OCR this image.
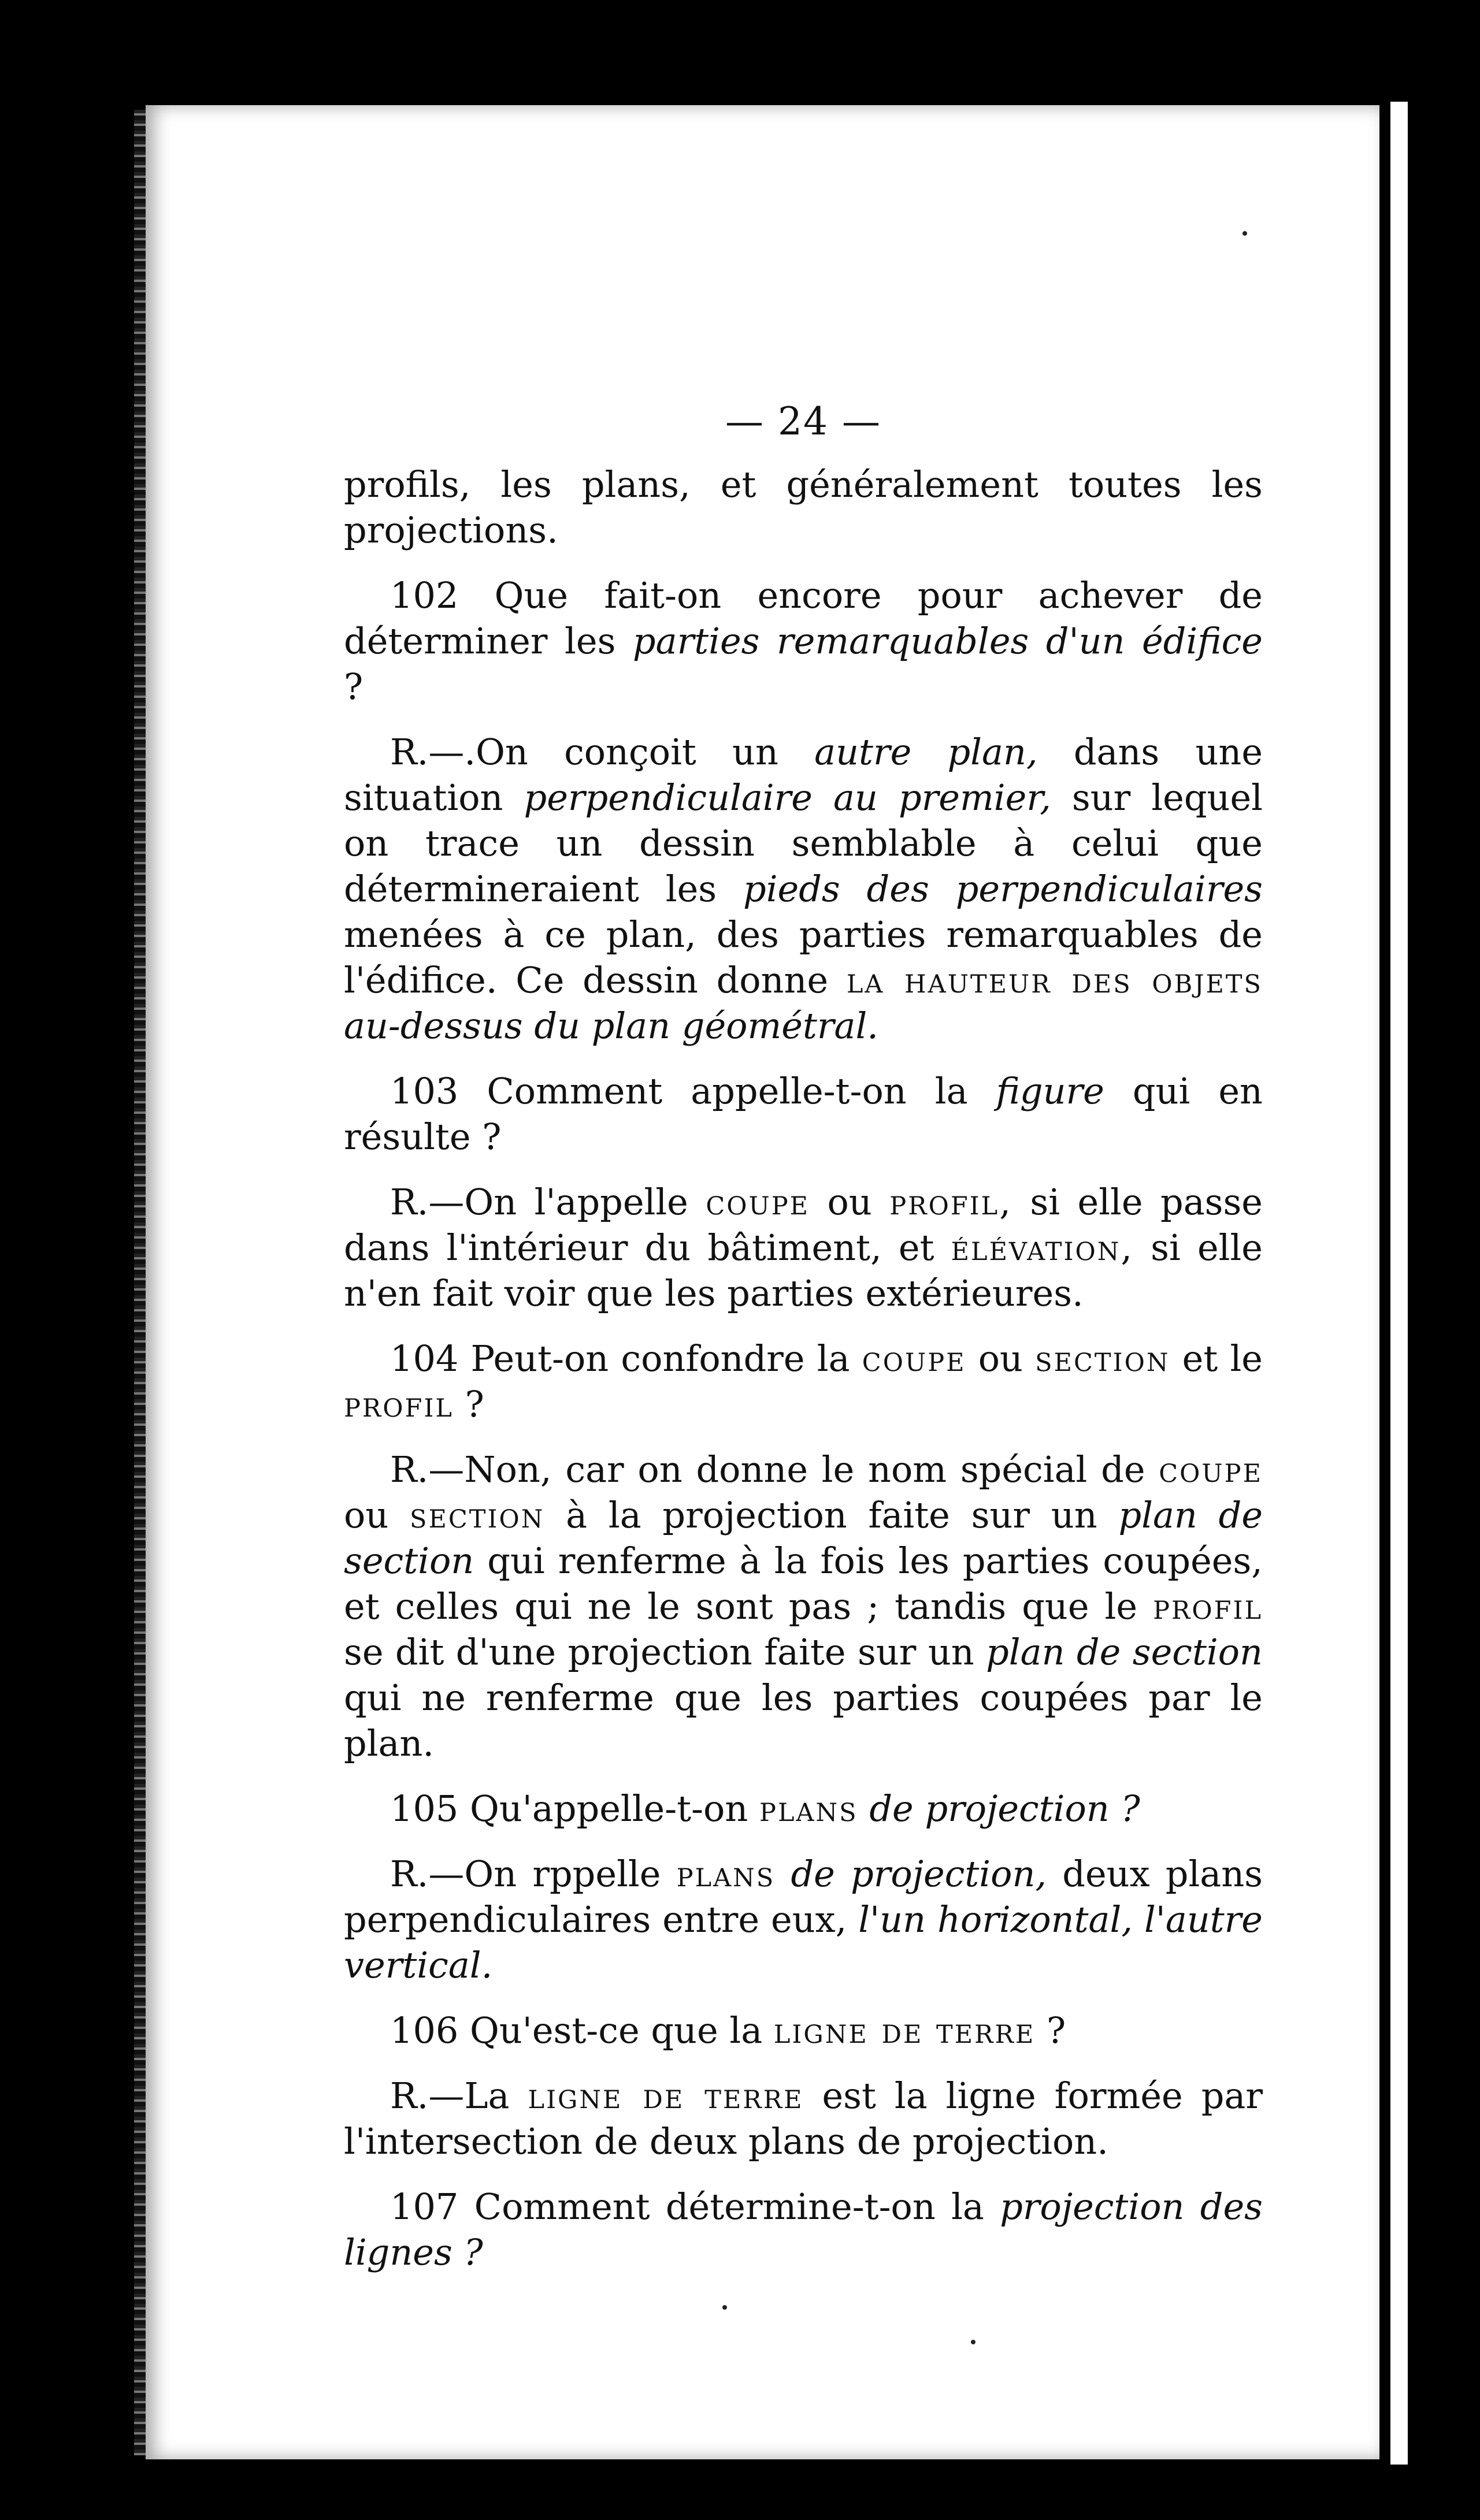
— 24 —
profils, les plans, et généralement toutes les projections.
102 Que fait-on encore pour achever de déterminer les parties remarquables d'un édifice ?
R.—.On conçoit un autre plan, dans une situation perpendiculaire au premier, sur lequel on trace un dessin semblable à celui que détermineraient les pieds des perpendiculaires menées à ce plan, des parties remarquables de l'édifice. Ce dessin donne la hauteur des objets au-dessus du plan géométral.
103 Comment appelle-t-on la figure qui en résulte ?
R.—On l'appelle coupe ou profil, si elle passe dans l'intérieur du bâtiment, et élévation, si elle n'en fait voir que les parties extérieures.
104 Peut-on confondre la coupe ou section et le profil ?
R.—Non, car on donne le nom spécial de coupe ou section à la projection faite sur un plan de section qui renferme à la fois les parties coupées, et celles qui ne le sont pas ; tandis que le profil se dit d'une projection faite sur un plan de section qui ne renferme que les parties coupées par le plan.
105 Qu'appelle-t-on plans de projection ?
R.—On rppelle plans de projection, deux plans perpendiculaires entre eux, l'un horizontal, l'autre vertical.
106 Qu'est-ce que la ligne de terre ?
R.—La ligne de terre est la ligne formée par l'intersection de deux plans de projection.
107 Comment détermine-t-on la projection des lignes ?
